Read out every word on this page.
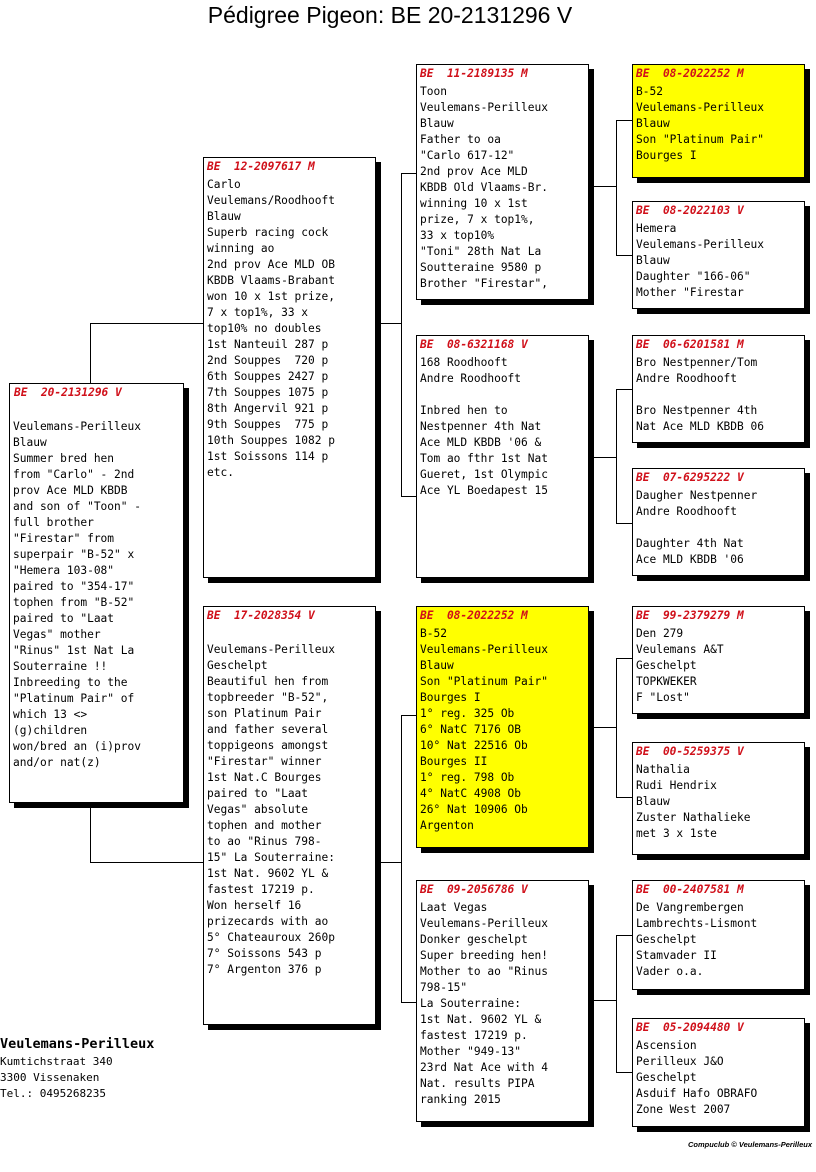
Pédigree Pigeon: BE 20-2131296 V
BE  20-2131296 V
Veulemans-Perilleux
Blauw
Summer bred hen
from "Carlo" - 2nd
prov Ace MLD KBDB
and son of "Toon" -
full brother
"Firestar" from
superpair "B-52" x
"Hemera 103-08"
paired to "354-17"
tophen from "B-52"
paired to "Laat
Vegas" mother
"Rinus" 1st Nat La
Souterraine !!
Inbreeding to the
"Platinum Pair" of
which 13 <>
(g)children
won/bred an (i)prov
and/or nat(z)
BE  12-2097617 M
Carlo
Veulemans/Roodhooft
Blauw
Superb racing cock
winning ao
2nd prov Ace MLD OB
KBDB Vlaams-Brabant
won 10 x 1st prize,
7 x top1%, 33 x
top10% no doubles
1st Nanteuil 287 p
2nd Souppes  720 p
6th Souppes 2427 p
7th Souppes 1075 p
8th Angervil 921 p
9th Souppes  775 p
10th Souppes 1082 p
1st Soissons 114 p
etc.
BE  17-2028354 V
Veulemans-Perilleux
Geschelpt
Beautiful hen from
topbreeder "B-52",
son Platinum Pair
and father several
toppigeons amongst
"Firestar" winner
1st Nat.C Bourges
paired to "Laat
Vegas" absolute
tophen and mother
to ao "Rinus 798-
15" La Souterraine:
1st Nat. 9602 YL &
fastest 17219 p.
Won herself 16
prizecards with ao
5° Chateauroux 260p
7° Soissons 543 p
7° Argenton 376 p
BE  11-2189135 M
Toon
Veulemans-Perilleux
Blauw
Father to oa
"Carlo 617-12"
2nd prov Ace MLD
KBDB Old Vlaams-Br.
winning 10 x 1st
prize, 7 x top1%,
33 x top10%
"Toni" 28th Nat La
Soutteraine 9580 p
Brother "Firestar",
BE  08-6321168 V
168 Roodhooft
Andre Roodhooft
Inbred hen to
Nestpenner 4th Nat
Ace MLD KBDB '06 &
Tom ao fthr 1st Nat
Gueret, 1st Olympic
Ace YL Boedapest 15
BE  08-2022252 M
B-52
Veulemans-Perilleux
Blauw
Son "Platinum Pair"
Bourges I
1° reg. 325 Ob
6° NatC 7176 OB
10° Nat 22516 Ob
Bourges II
1° reg. 798 Ob
4° NatC 4908 Ob
26° Nat 10906 Ob
Argenton
BE  09-2056786 V
Laat Vegas
Veulemans-Perilleux
Donker geschelpt
Super breeding hen!
Mother to ao "Rinus
798-15"
La Souterraine:
1st Nat. 9602 YL &
fastest 17219 p.
Mother "949-13"
23rd Nat Ace with 4
Nat. results PIPA
ranking 2015
BE  08-2022252 M
B-52
Veulemans-Perilleux
Blauw
Son "Platinum Pair"
Bourges I
BE  08-2022103 V
Hemera
Veulemans-Perilleux
Blauw
Daughter "166-06"
Mother "Firestar
BE  06-6201581 M
Bro Nestpenner/Tom
Andre Roodhooft
Bro Nestpenner 4th
Nat Ace MLD KBDB 06
BE  07-6295222 V
Daugher Nestpenner
Andre Roodhooft
Daughter 4th Nat
Ace MLD KBDB '06
BE  99-2379279 M
Den 279
Veulemans A&T
Geschelpt
TOPKWEKER
F "Lost"
BE  00-5259375 V
Nathalia
Rudi Hendrix
Blauw
Zuster Nathalieke
met 3 x 1ste
BE  00-2407581 M
De Vangrembergen
Lambrechts-Lismont
Geschelpt
Stamvader II
Vader o.a.
BE  05-2094480 V
Ascension
Perilleux J&O
Geschelpt
Asduif Hafo OBRAFO
Zone West 2007
Veulemans-Perilleux
Kumtichstraat 340
3300 Vissenaken
Tel.: 0495268235
Compuclub © Veulemans-Perilleux
